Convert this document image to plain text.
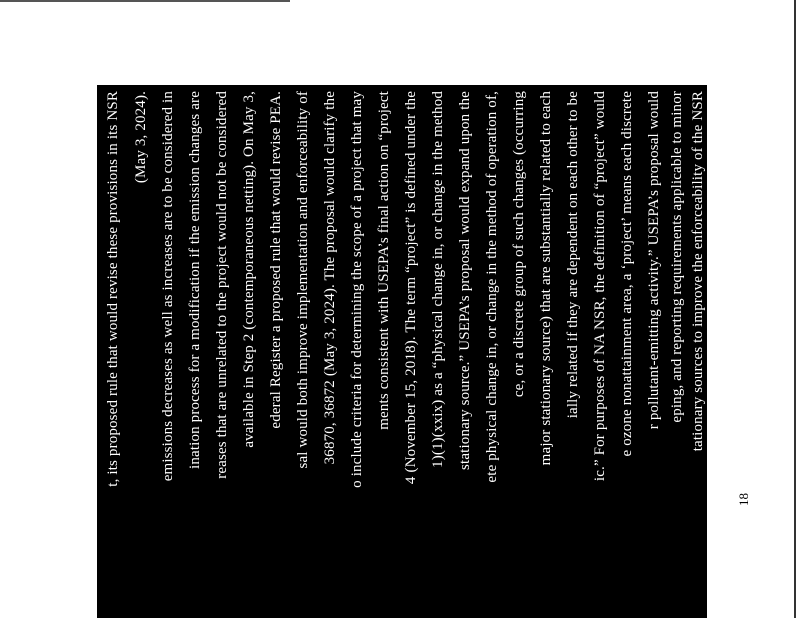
t, its proposed rule that would revise these provisions in its NSR (May 3, 2024). emissions decreases as well as increases are to be considered in ination process for a modification if the emission changes are reases that are unrelated to the project would not be considered available in Step 2 (contemporaneous netting). On May 3, ederal Register a proposed rule that would revise PEA. sal would both improve implementation and enforceability of 36870, 36872 (May 3, 2024). The proposal would clarify the o include criteria for determining the scope of a project that may ments consistent with USEPA’s final action on “project 4 (November 15, 2018). The term “project” is defined under the 1)(1)(xxix) as a “physical change in, or change in the method stationary source.” USEPA’s proposal would expand upon the ete physical change in, or change in the method of operation of, ce, or a discrete group of such changes (occurring major stationary source) that are substantially related to each ially related if they are dependent on each other to be ic.” For purposes of NA NSR, the definition of “project” would e ozone nonattainment area, a ‘project’ means each discrete r pollutant-emitting activity.” USEPA’s proposal would eping, and reporting requirements applicable to minor tationary sources to improve the enforceability of the NSR
18
